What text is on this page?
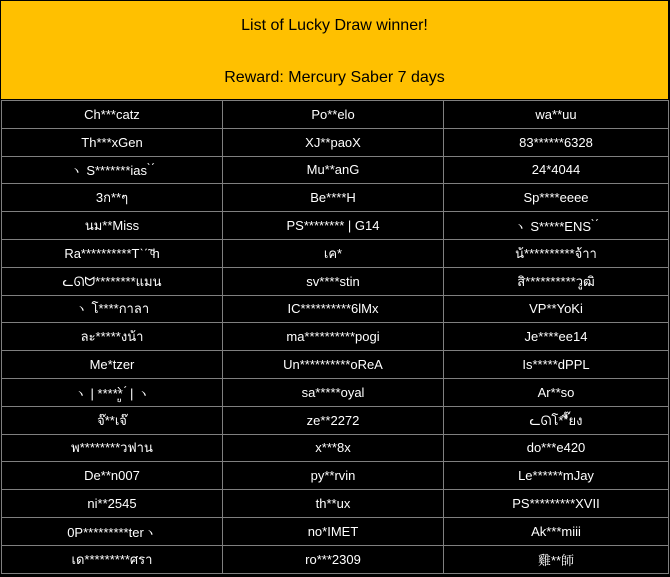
List of Lucky Draw winner!
Reward: Mercury Saber 7 days
Ch***catz	Po**elo	wa**uu
Th***xGen	XJ**paoX	83******6328
ヽ S*******ias ̀ ́	Mu**anG	24*4044
3ก**ๆ	Be****H	Sp****eeee
นม**Miss	PS******** | G14	ヽ S*****ENS ̀ ́
Ra**********Tˋˊ˜ͦh	เค*	น้**********จ้าา
ᓚᘏᗢ********แมน	sv****stin	สิ**********วูฒิ
ヽ โ****กาลา	IC**********6lMx	VP**YoKi
ละ*****งน้า	ma**********pogi	Je****ee14
Me*tzer	Un**********oReA	Is*****dPPL
ヽ | *****ູ̀ ́ | ヽ	sa*****oyal	Ar**so
จ๊**เจ๊	ze**2272	ᓚᘏโ**ี๊ยง
พ********วฟาน	x***8x	do***e420
De**n007	py**rvin	Le******mJay
ni**2545	th**ux	PS*********XVII
0P*********terヽ	no*IMET	Ak***miii
เด*********ศรา	ro***2309	雞**師
